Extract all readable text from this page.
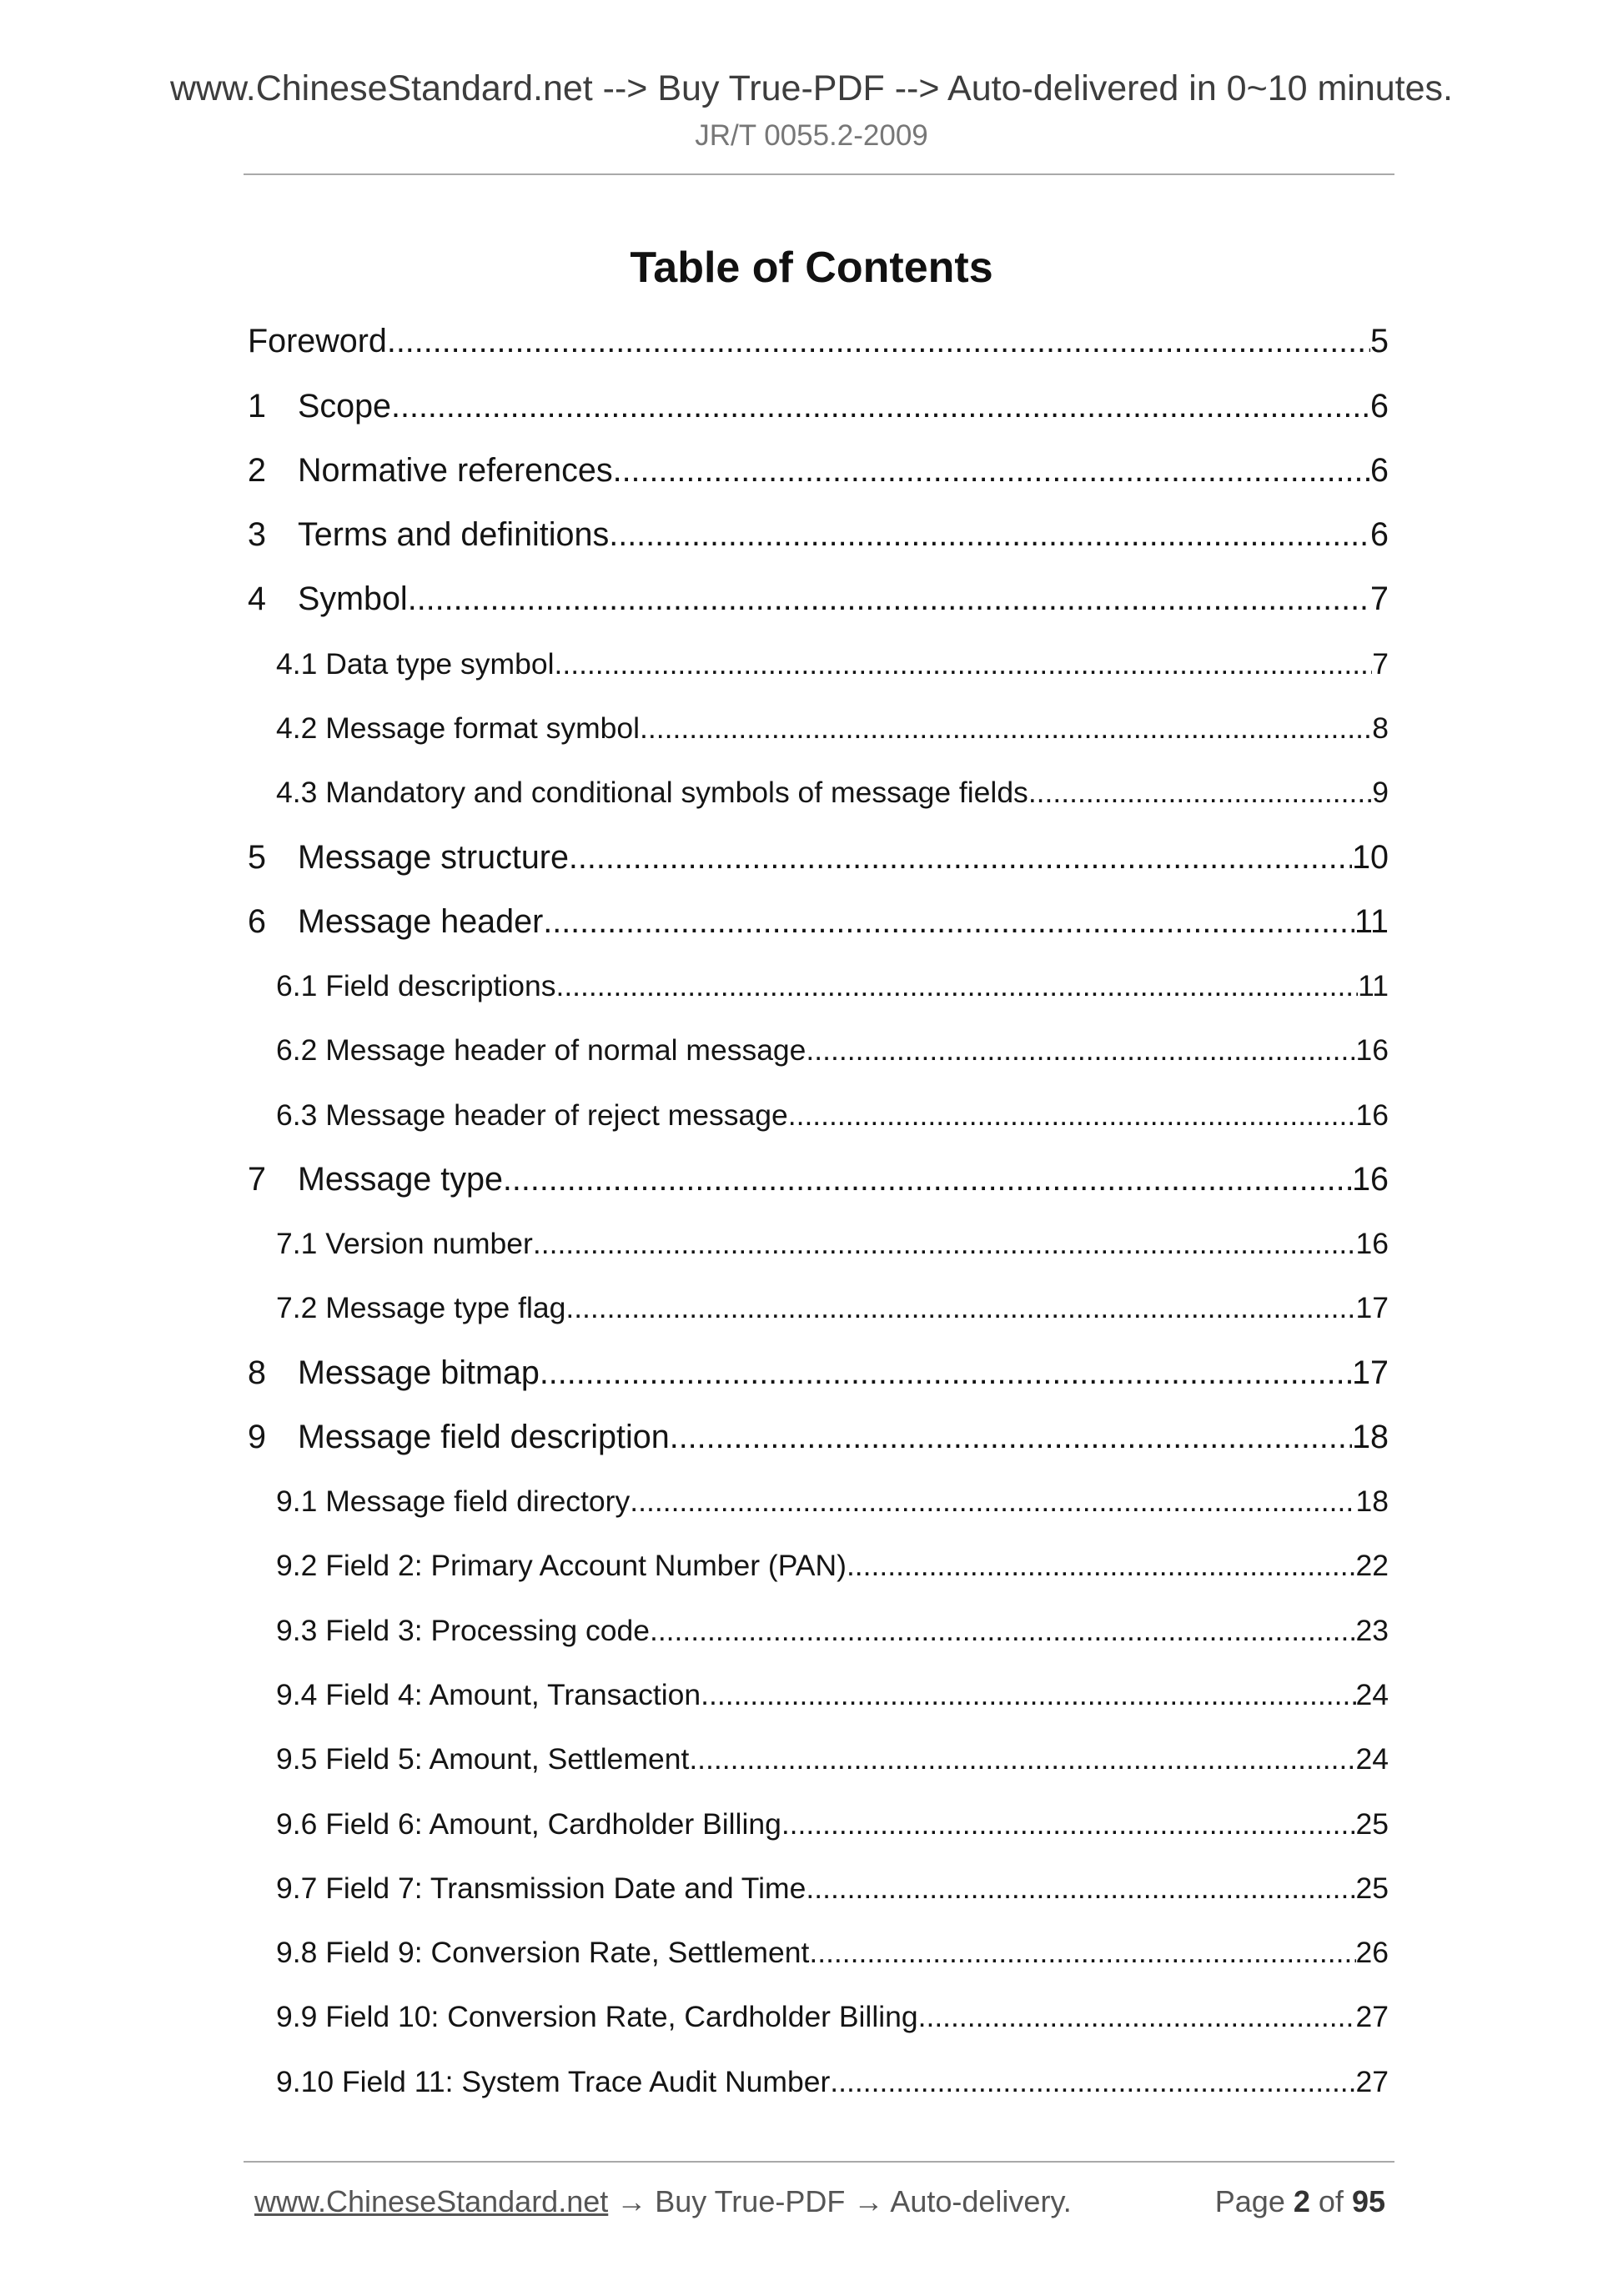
www.ChineseStandard.net --> Buy True-PDF --> Auto-delivered in 0~10 minutes.
JR/T 0055.2-2009
Table of Contents
Foreword .....	5
1 Scope .....	6
2 Normative references .....	6
3 Terms and definitions .....	6
4 Symbol .....	7
4.1 Data type symbol .....	7
4.2 Message format symbol .....	8
4.3 Mandatory and conditional symbols of message fields .....	9
5 Message structure .....	10
6 Message header .....	11
6.1 Field descriptions .....	11
6.2 Message header of normal message .....	16
6.3 Message header of reject message .....	16
7 Message type .....	16
7.1 Version number .....	16
7.2 Message type flag .....	17
8 Message bitmap .....	17
9 Message field description .....	18
9.1 Message field directory .....	18
9.2 Field 2: Primary Account Number (PAN) .....	22
9.3 Field 3: Processing code .....	23
9.4 Field 4: Amount, Transaction .....	24
9.5 Field 5: Amount, Settlement .....	24
9.6 Field 6: Amount, Cardholder Billing .....	25
9.7 Field 7: Transmission Date and Time .....	25
9.8 Field 9: Conversion Rate, Settlement .....	26
9.9 Field 10: Conversion Rate, Cardholder Billing .....	27
9.10 Field 11: System Trace Audit Number .....	27
www.ChineseStandard.net → Buy True-PDF → Auto-delivery.	Page 2 of 95
